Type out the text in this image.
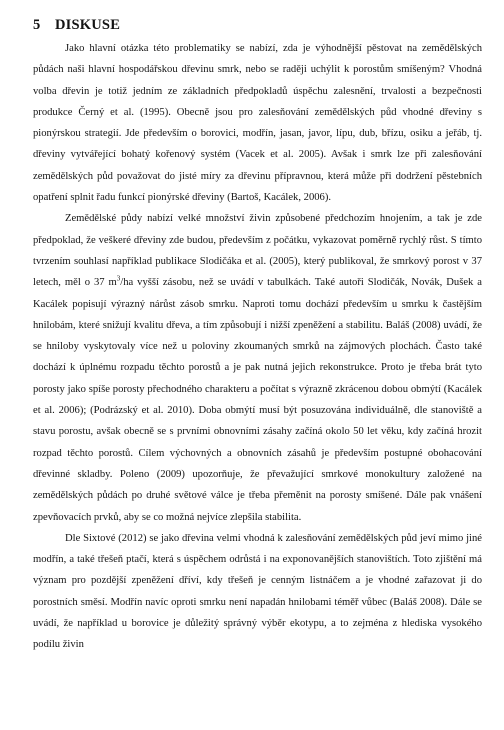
5 DISKUSE

Jako hlavní otázka této problematiky se nabízí, zda je výhodnější pěstovat na zemědělských půdách naši hlavní hospodářskou dřevinu smrk, nebo se raději uchýlit k porostům smíšeným? Vhodná volba dřevin je totiž jedním ze základních předpokladů úspěchu zalesnění, trvalosti a bezpečnosti produkce Černý et al. (1995). Obecně jsou pro zalesňování zemědělských půd vhodné dřeviny s pionýrskou strategií. Jde především o borovici, modřín, jasan, javor, lípu, dub, břízu, osiku a jeřáb, tj. dřeviny vytvářející bohatý kořenový systém (Vacek et al. 2005). Avšak i smrk lze při zalesňování zemědělských půd považovat do jisté míry za dřevinu přípravnou, která může při dodržení pěstebních opatření splnit řadu funkcí pionýrské dřeviny (Bartoš, Kacálek, 2006).

Zemědělské půdy nabízí velké množství živin způsobené předchozím hnojením, a tak je zde předpoklad, že veškeré dřeviny zde budou, především z počátku, vykazovat poměrně rychlý růst. S tímto tvrzením souhlasí například publikace Slodičáka et al. (2005), který publikoval, že smrkový porost v 37 letech, měl o 37 $m^3/ha$ vyšší zásobu, než se uvádí v tabulkách. Také autoři Slodičák, Novák, Dušek a Kacálek popisují výrazný nárůst zásob smrku. Naproti tomu dochází především u smrku k častějším hnilobám, které snižují kvalitu dřeva, a tím způsobují i nižší zpeněžení a stabilitu. Baláš (2008) uvádí, že se hniloby vyskytovaly více než u poloviny zkoumaných smrků na zájmových plochách. Často také dochází k úplnému rozpadu těchto porostů a je pak nutná jejich rekonstrukce. Proto je třeba brát tyto porosty jako spíše porosty přechodného charakteru a počítat s výrazně zkrácenou dobou obmýtí (Kacálek et al. 2006); (Podrázský et al. 2010). Doba obmýtí musí být posuzována individuálně, dle stanoviště a stavu porostu, avšak obecně se s prvními obnovními zásahy začíná okolo 50 let věku, kdy začíná hrozit rozpad těchto porostů. Cílem výchovných a obnovních zásahů je především postupné obohacování dřevinné skladby. Poleno (2009) upozorňuje, že převažující smrkové monokultury založené na zemědělských půdách po druhé světové válce je třeba přeměnit na porosty smíšené. Dále pak vnášení zpevňovacích prvků, aby se co možná nejvíce zlepšila stabilita.

Dle Sixtové (2012) se jako dřevina velmi vhodná k zalesňování zemědělských půd jeví mimo jiné modřín, a také třešeň ptačí, která s úspěchem odrůstá i na exponovanějších stanovištích. Toto zjištění má význam pro pozdější zpeněžení dříví, kdy třešeň je cenným listnáčem a je vhodné zařazovat ji do porostních směsí. Modřín navíc oproti smrku není napadán hnilobami téměř vůbec (Baláš 2008). Dále se uvádí, že například u borovice je důležitý správný výběr ekotypu, a to zejména z hlediska vysokého podílu živin
